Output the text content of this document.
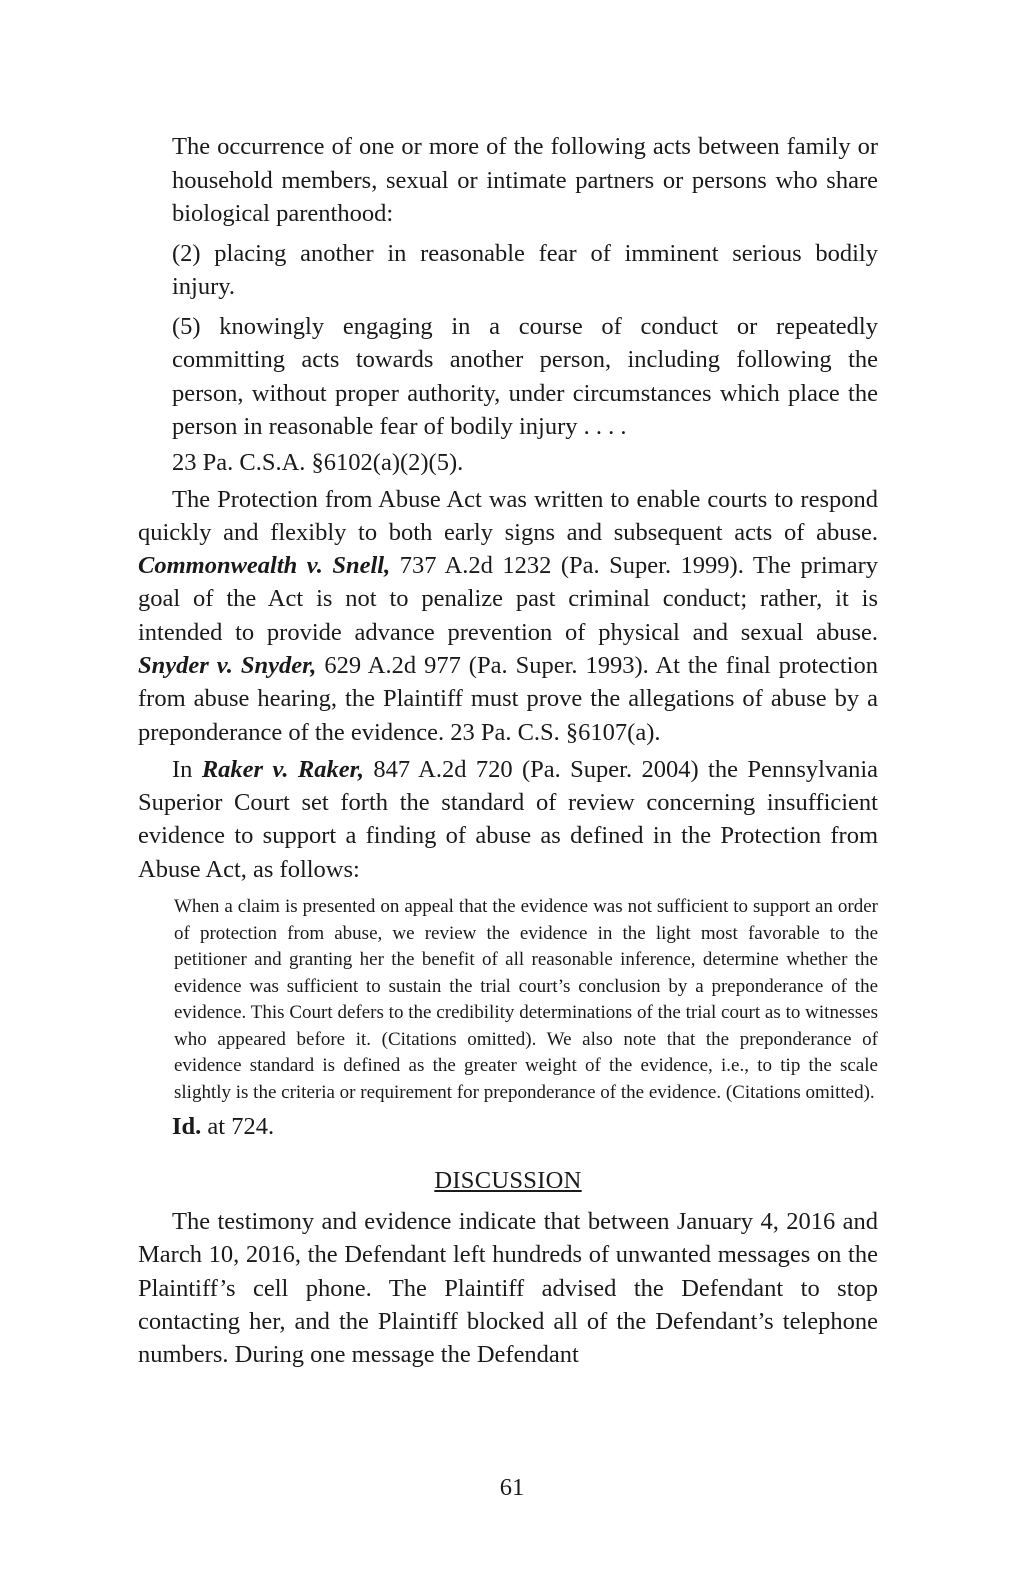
The occurrence of one or more of the following acts between family or household members, sexual or intimate partners or persons who share biological parenthood:

(2) placing another in reasonable fear of imminent serious bodily injury.

(5) knowingly engaging in a course of conduct or repeatedly committing acts towards another person, including following the person, without proper authority, under circumstances which place the person in reasonable fear of bodily injury . . . .

23 Pa. C.S.A. §6102(a)(2)(5).

The Protection from Abuse Act was written to enable courts to respond quickly and flexibly to both early signs and subsequent acts of abuse. Commonwealth v. Snell, 737 A.2d 1232 (Pa. Super. 1999). The primary goal of the Act is not to penalize past criminal conduct; rather, it is intended to provide advance prevention of physical and sexual abuse. Snyder v. Snyder, 629 A.2d 977 (Pa. Super. 1993). At the final protection from abuse hearing, the Plaintiff must prove the allegations of abuse by a preponderance of the evidence. 23 Pa. C.S. §6107(a).

In Raker v. Raker, 847 A.2d 720 (Pa. Super. 2004) the Pennsylvania Superior Court set forth the standard of review concerning insufficient evidence to support a finding of abuse as defined in the Protection from Abuse Act, as follows:

When a claim is presented on appeal that the evidence was not sufficient to support an order of protection from abuse, we review the evidence in the light most favorable to the petitioner and granting her the benefit of all reasonable inference, determine whether the evidence was sufficient to sustain the trial court’s conclusion by a preponderance of the evidence. This Court defers to the credibility determinations of the trial court as to witnesses who appeared before it. (Citations omitted). We also note that the preponderance of evidence standard is defined as the greater weight of the evidence, i.e., to tip the scale slightly is the criteria or requirement for preponderance of the evidence. (Citations omitted).

Id. at 724.

DISCUSSION

The testimony and evidence indicate that between January 4, 2016 and March 10, 2016, the Defendant left hundreds of unwanted messages on the Plaintiff’s cell phone. The Plaintiff advised the Defendant to stop contacting her, and the Plaintiff blocked all of the Defendant’s telephone numbers. During one message the Defendant

61
